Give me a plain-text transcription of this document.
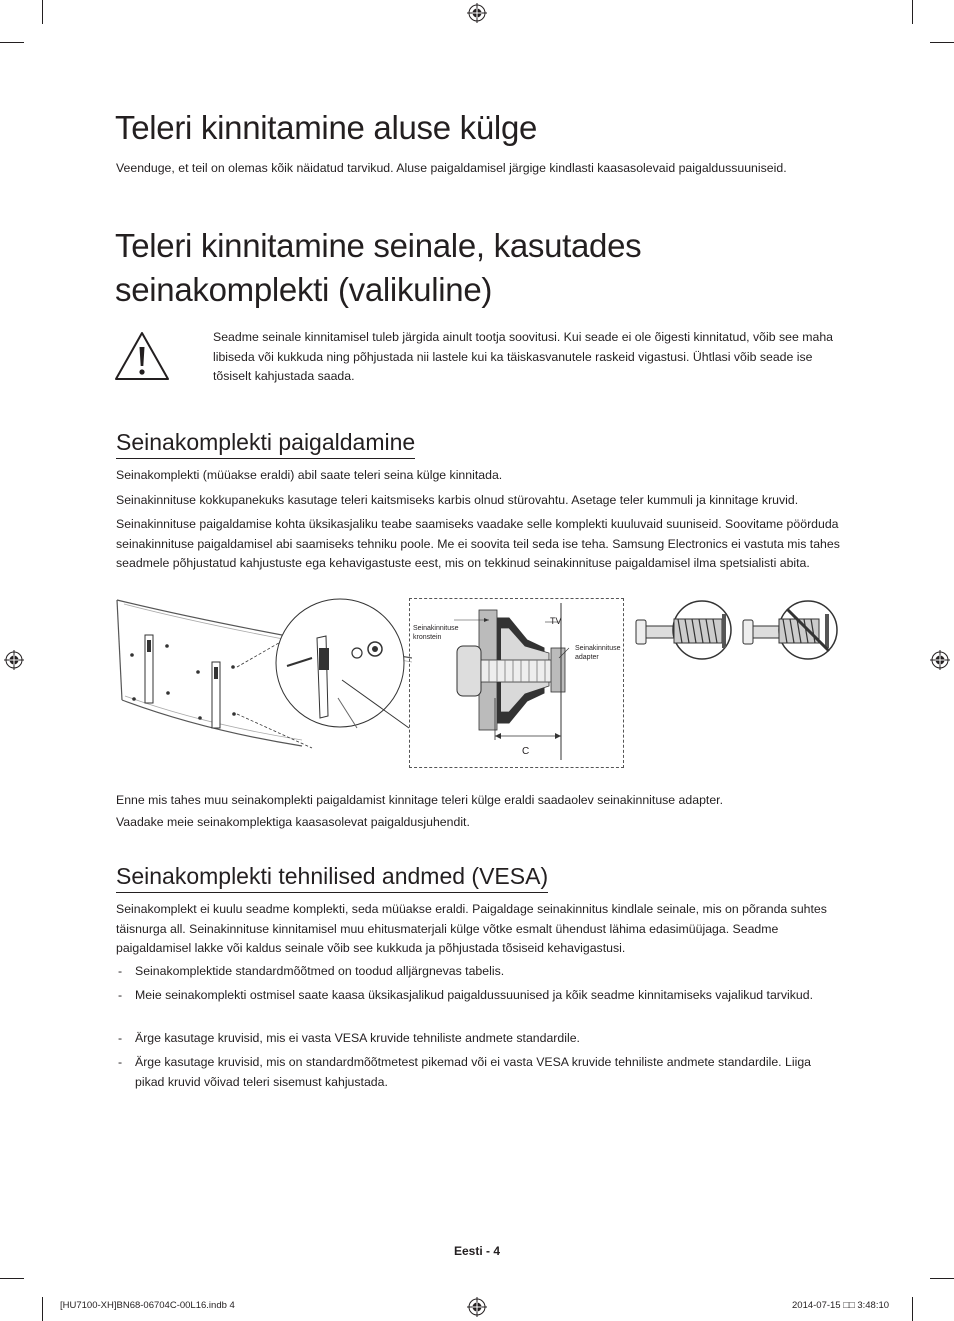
Teleri kinnitamine aluse külge

Veenduge, et teil on olemas kõik näidatud tarvikud. Aluse paigaldamisel järgige kindlasti kaasasolevaid paigaldussuuniseid.

Teleri kinnitamine seinale, kasutades
seinakomplekti (valikuline)

Seadme seinale kinnitamisel tuleb järgida ainult tootja soovitusi. Kui seade ei ole õigesti kinnitatud, võib see maha libiseda või kukkuda ning põhjustada nii lastele kui ka täiskasvanutele raskeid vigastusi. Ühtlasi võib seade ise tõsiselt kahjustada saada.

Seinakomplekti paigaldamine

Seinakomplekti (müüakse eraldi) abil saate teleri seina külge kinnitada.

Seinakinnituse kokkupanekuks kasutage teleri kaitsmiseks karbis olnud stürovahtu. Asetage teler kummuli ja kinnitage kruvid.

Seinakinnituse paigaldamise kohta üksikasjaliku teabe saamiseks vaadake selle komplekti kuuluvaid suuniseid. Soovitame pöörduda seinakinnituse paigaldamisel abi saamiseks tehniku poole. Me ei soovita teil seda ise teha. Samsung Electronics ei vastuta mis tahes seadmele põhjustatud kahjustuste ega kehavigastuste eest, mis on tekkinud seinakinnituse paigaldamisel ilma spetsialisti abita.

Seinakinnituse kronstein
TV
Seinakinnituse adapter
C

Enne mis tahes muu seinakomplekti paigaldamist kinnitage teleri külge eraldi saadaolev seinakinnituse adapter.

Vaadake meie seinakomplektiga kaasasolevat paigaldusjuhendit.

Seinakomplekti tehnilised andmed (VESA)

Seinakomplekt ei kuulu seadme komplekti, seda müüakse eraldi. Paigaldage seinakinnitus kindlale seinale, mis on põranda suhtes täisnurga all. Seinakinnituse kinnitamisel muu ehitusmaterjali külge võtke esmalt ühendust lähima edasimüüjaga. Seadme paigaldamisel lakke või kaldus seinale võib see kukkuda ja põhjustada tõsiseid kehavigastusi.

- Seinakomplektide standardmõõtmed on toodud alljärgnevas tabelis.
- Meie seinakomplekti ostmisel saate kaasa üksikasjalikud paigaldussuunised ja kõik seadme kinnitamiseks vajalikud tarvikud.
- Ärge kasutage kruvisid, mis ei vasta VESA kruvide tehniliste andmete standardile.
- Ärge kasutage kruvisid, mis on standardmõõtmetest pikemad või ei vasta VESA kruvide tehniliste andmete standardile. Liiga pikad kruvid võivad teleri sisemust kahjustada.
Eesti - 4
[HU7100-XH]BN68-06704C-00L16.indb 4	2014-07-15 □□ 3:48:10
